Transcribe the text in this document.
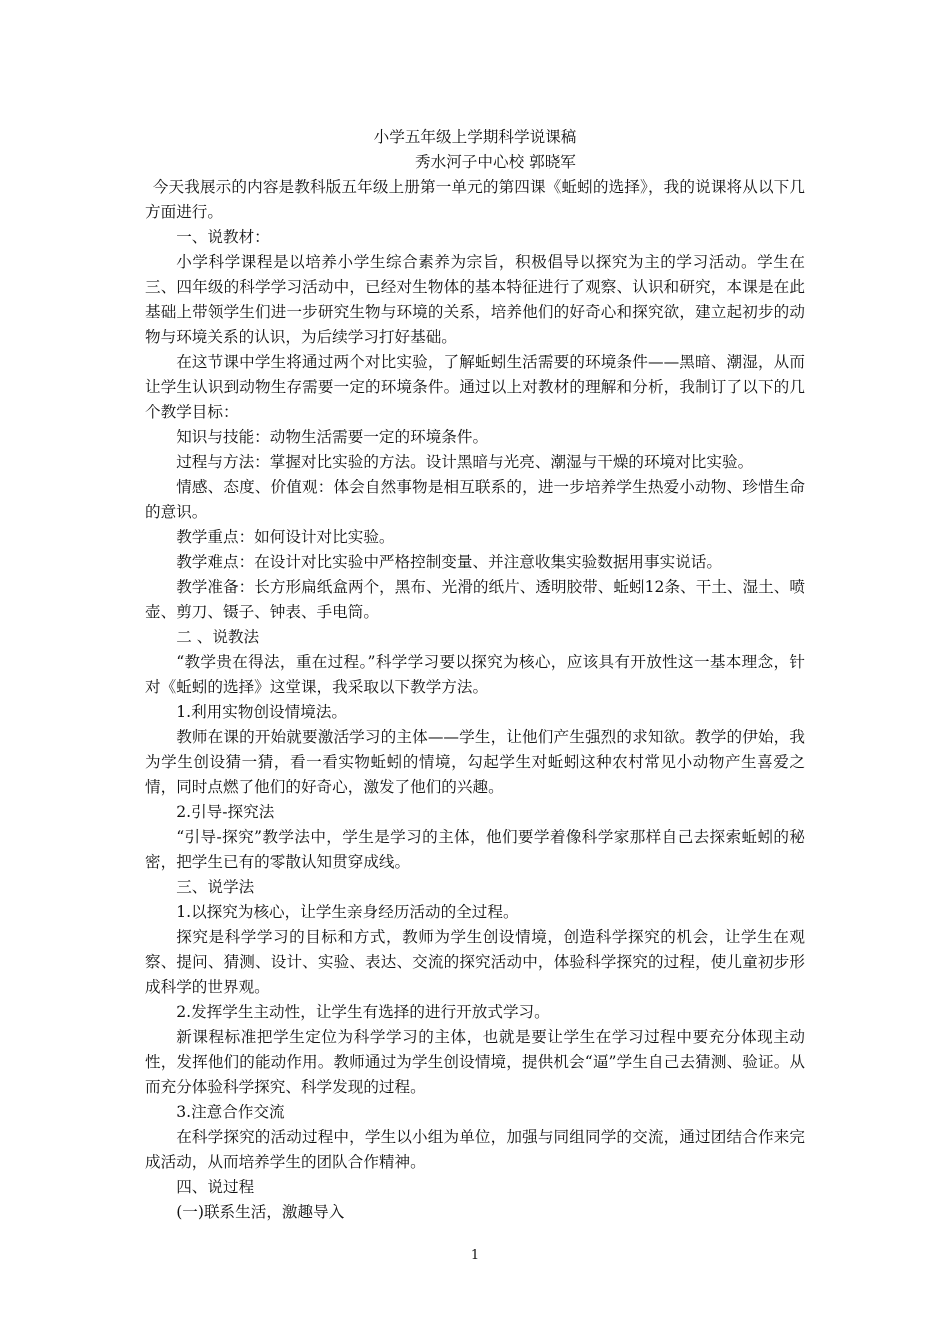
小学五年级上学期科学说课稿
秀水河子中心校 郭晓军

今天我展示的内容是教科版五年级上册第一单元的第四课《蚯蚓的选择》，我的说课将从以下几方面进行。

一、说教材：

小学科学课程是以培养小学生综合素养为宗旨，积极倡导以探究为主的学习活动。学生在三、四年级的科学学习活动中，已经对生物体的基本特征进行了观察、认识和研究，本课是在此基础上带领学生们进一步研究生物与环境的关系，培养他们的好奇心和探究欲，建立起初步的动物与环境关系的认识，为后续学习打好基础。

在这节课中学生将通过两个对比实验，了解蚯蚓生活需要的环境条件——黑暗、潮湿，从而让学生认识到动物生存需要一定的环境条件。通过以上对教材的理解和分析，我制订了以下的几个教学目标：

知识与技能：动物生活需要一定的环境条件。

过程与方法：掌握对比实验的方法。设计黑暗与光亮、潮湿与干燥的环境对比实验。

情感、态度、价值观：体会自然事物是相互联系的，进一步培养学生热爱小动物、珍惜生命的意识。

教学重点：如何设计对比实验。

教学难点：在设计对比实验中严格控制变量、并注意收集实验数据用事实说话。

教学准备：长方形扁纸盒两个，黑布、光滑的纸片、透明胶带、蚯蚓12条、干土、湿土、喷壶、剪刀、镊子、钟表、手电筒。

二 、说教法

“教学贵在得法，重在过程。”科学学习要以探究为核心，应该具有开放性这一基本理念，针对《蚯蚓的选择》这堂课，我采取以下教学方法。

1.利用实物创设情境法。

教师在课的开始就要激活学习的主体——学生，让他们产生强烈的求知欲。教学的伊始，我为学生创设猜一猜，看一看实物蚯蚓的情境，勾起学生对蚯蚓这种农村常见小动物产生喜爱之情，同时点燃了他们的好奇心，激发了他们的兴趣。

2.引导-探究法

“引导-探究”教学法中，学生是学习的主体，他们要学着像科学家那样自己去探索蚯蚓的秘密，把学生已有的零散认知贯穿成线。

三、说学法

1.以探究为核心，让学生亲身经历活动的全过程。

探究是科学学习的目标和方式，教师为学生创设情境，创造科学探究的机会，让学生在观察、提问、猜测、设计、实验、表达、交流的探究活动中，体验科学探究的过程，使儿童初步形成科学的世界观。

2.发挥学生主动性，让学生有选择的进行开放式学习。

新课程标准把学生定位为科学学习的主体，也就是要让学生在学习过程中要充分体现主动性，发挥他们的能动作用。教师通过为学生创设情境，提供机会“逼”学生自己去猜测、验证。从而充分体验科学探究、科学发现的过程。

3.注意合作交流

在科学探究的活动过程中，学生以小组为单位，加强与同组同学的交流，通过团结合作来完成活动，从而培养学生的团队合作精神。

四、说过程

(一)联系生活，激趣导入

1
